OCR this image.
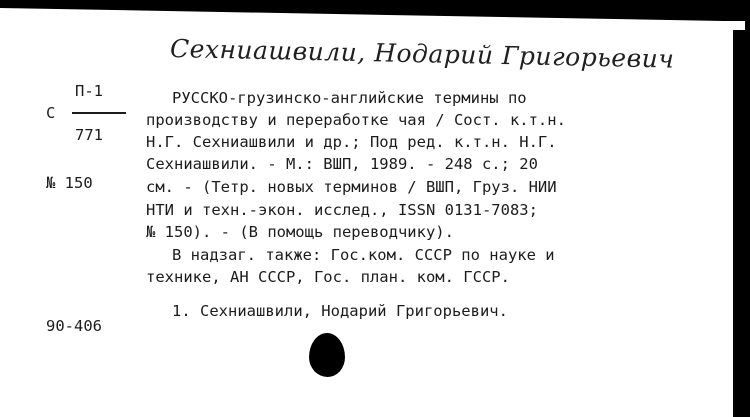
Сехниашвили, Нодарий Григорьевич
П-1
С
771
№ 150
90-406
РУССКО-грузинско-английские термины по
производству и переработке чая / Сост. к.т.н.
Н.Г. Сехниашвили и др.; Под ред. к.т.н. Н.Г.
Сехниашвили. - М.: ВШП, 1989. - 248 с.; 20
см. - (Тетр. новых терминов / ВШП, Груз. НИИ
НТИ и техн.-экон. исслед., ISSN 0131-7083;
№ 150). - (В помощь переводчику).
В надзаг. также: Гос.ком. СССР по науке и
технике, АН СССР, Гос. план. ком. ГССР.
1. Сехниашвили, Нодарий Григорьевич.
